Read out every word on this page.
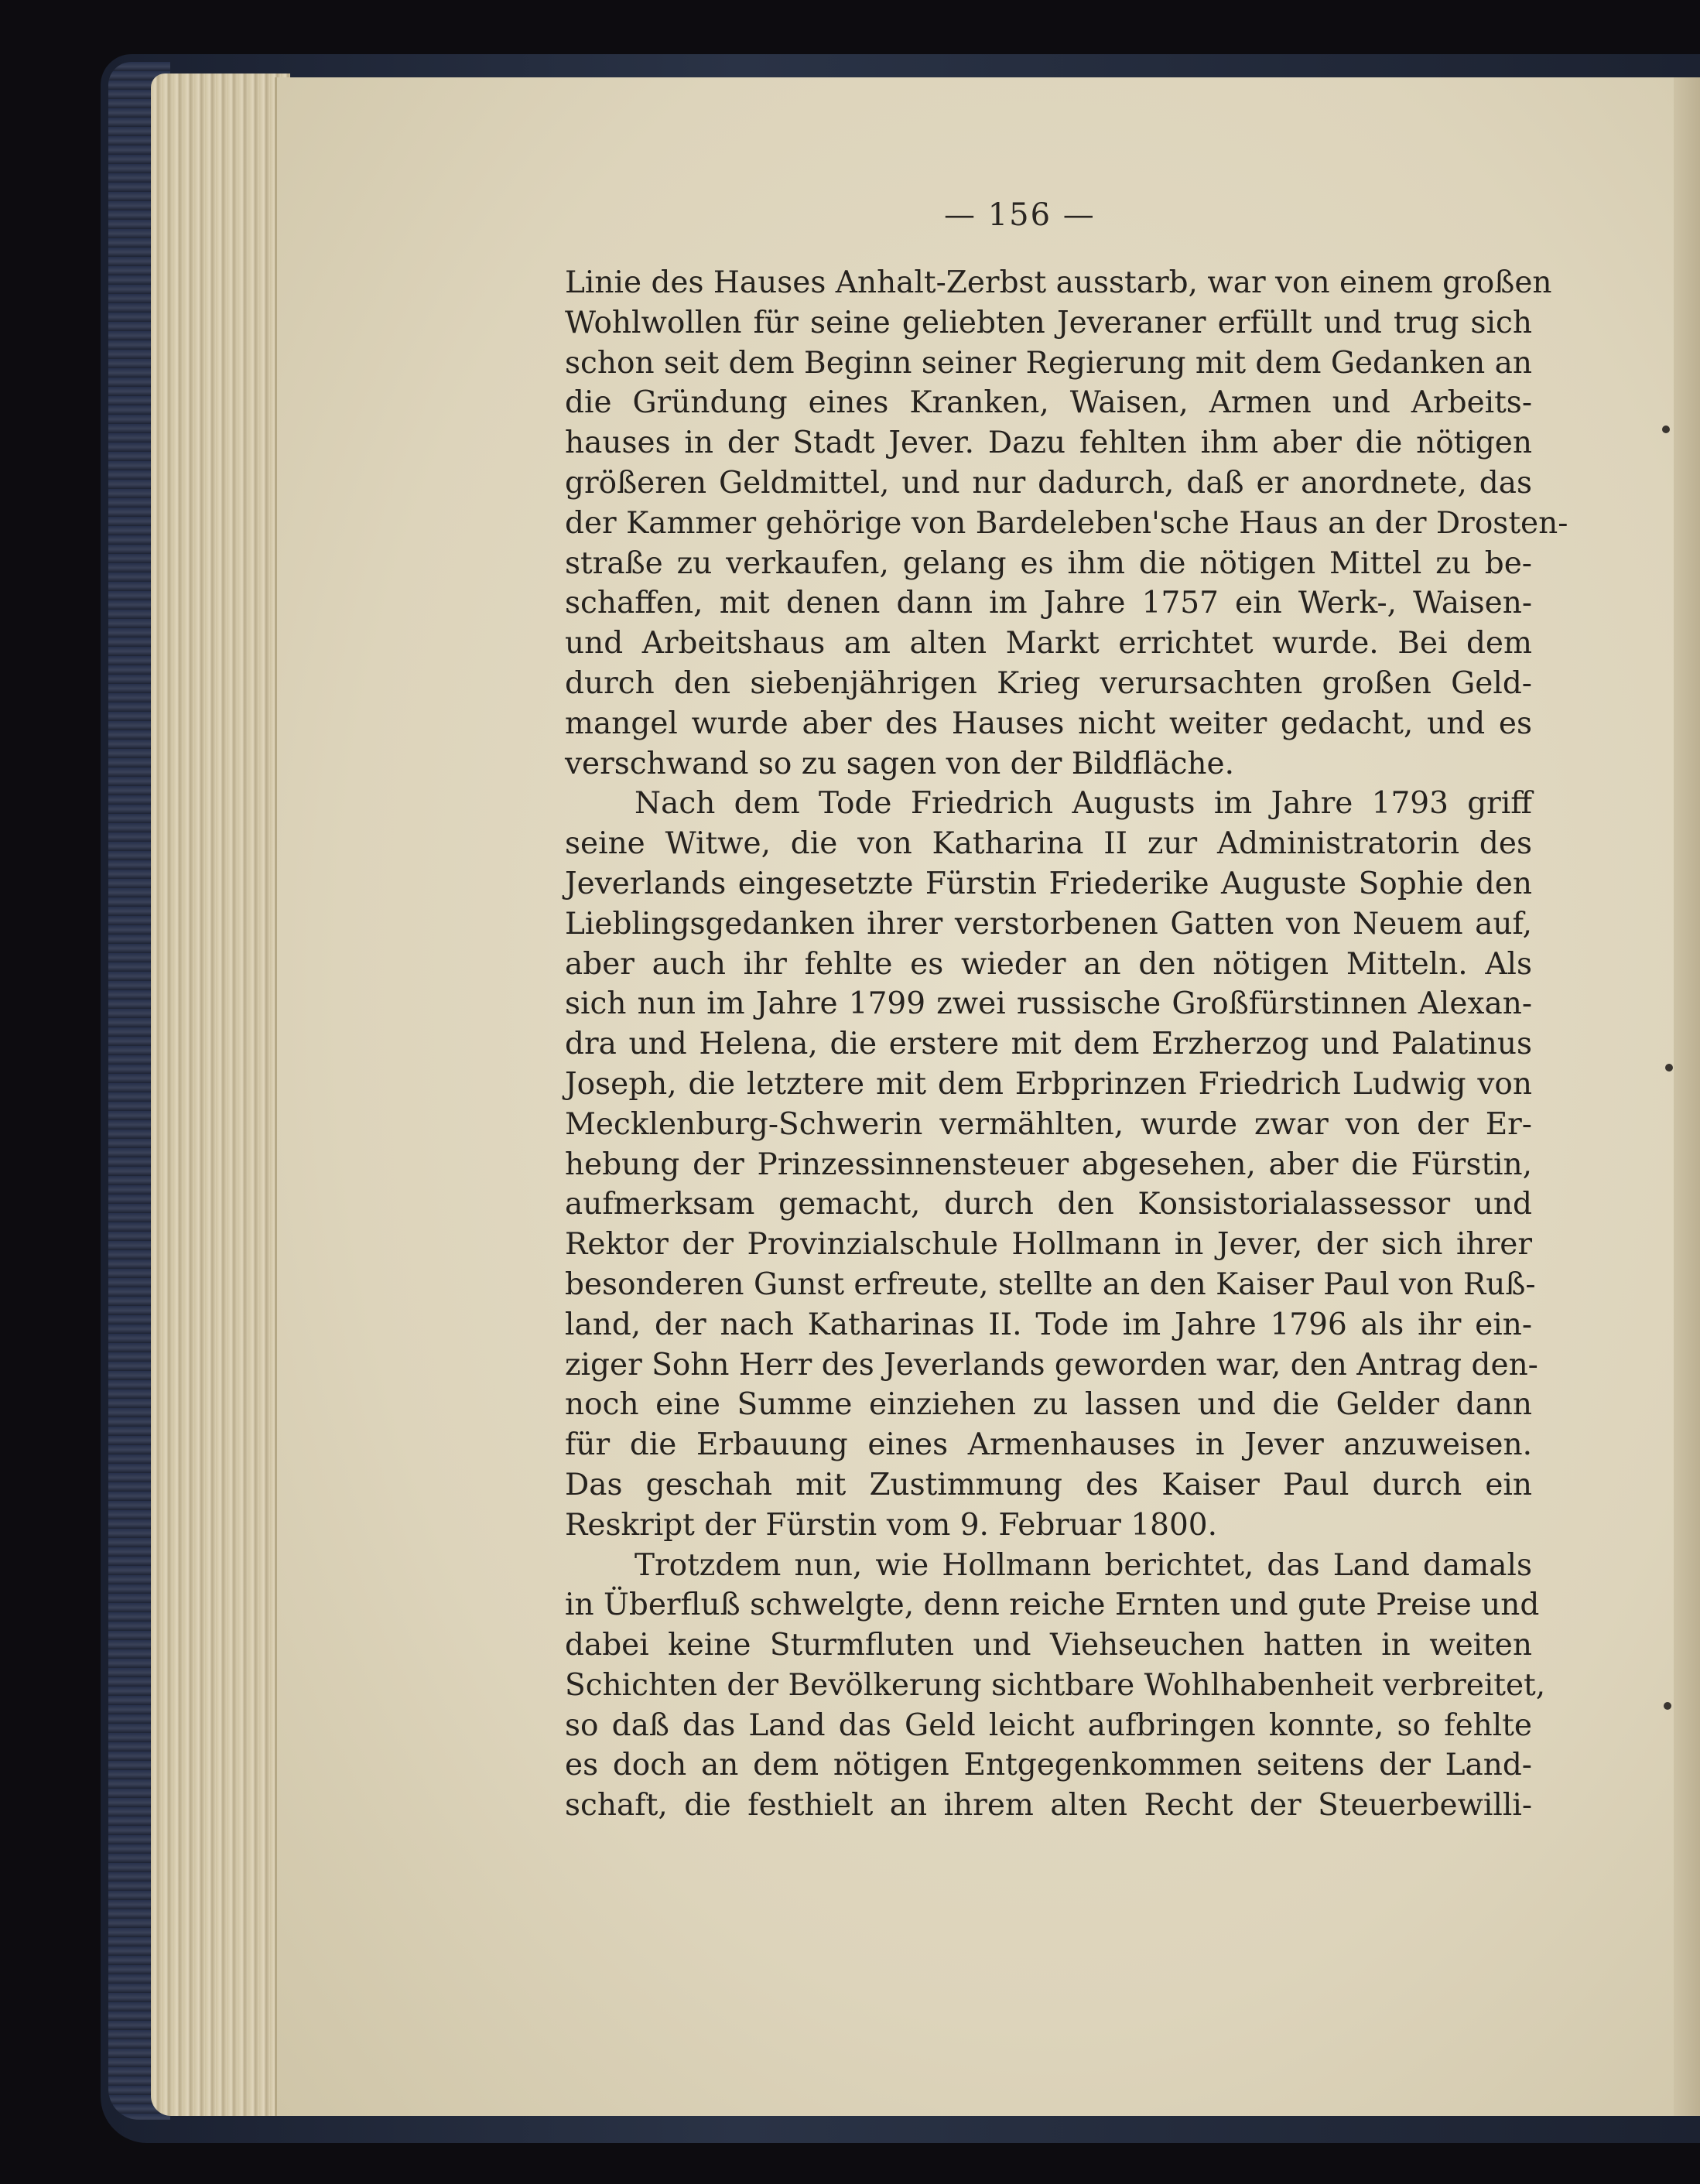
— 156 —
Linie des Hauses Anhalt-Zerbst ausstarb, war von einem großen
Wohlwollen für seine geliebten Jeveraner erfüllt und trug sich
schon seit dem Beginn seiner Regierung mit dem Gedanken an
die Gründung eines Kranken, Waisen, Armen und Arbeits-
hauses in der Stadt Jever. Dazu fehlten ihm aber die nötigen
größeren Geldmittel, und nur dadurch, daß er anordnete, das
der Kammer gehörige von Bardeleben'sche Haus an der Drosten-
straße zu verkaufen, gelang es ihm die nötigen Mittel zu be-
schaffen, mit denen dann im Jahre 1757 ein Werk-, Waisen-
und Arbeitshaus am alten Markt errichtet wurde. Bei dem
durch den siebenjährigen Krieg verursachten großen Geld-
mangel wurde aber des Hauses nicht weiter gedacht, und es
verschwand so zu sagen von der Bildfläche.
Nach dem Tode Friedrich Augusts im Jahre 1793 griff
seine Witwe, die von Katharina II zur Administratorin des
Jeverlands eingesetzte Fürstin Friederike Auguste Sophie den
Lieblingsgedanken ihrer verstorbenen Gatten von Neuem auf,
aber auch ihr fehlte es wieder an den nötigen Mitteln. Als
sich nun im Jahre 1799 zwei russische Großfürstinnen Alexan-
dra und Helena, die erstere mit dem Erzherzog und Palatinus
Joseph, die letztere mit dem Erbprinzen Friedrich Ludwig von
Mecklenburg-Schwerin vermählten, wurde zwar von der Er-
hebung der Prinzessinnensteuer abgesehen, aber die Fürstin,
aufmerksam gemacht, durch den Konsistorialassessor und
Rektor der Provinzialschule Hollmann in Jever, der sich ihrer
besonderen Gunst erfreute, stellte an den Kaiser Paul von Ruß-
land, der nach Katharinas II. Tode im Jahre 1796 als ihr ein-
ziger Sohn Herr des Jeverlands geworden war, den Antrag den-
noch eine Summe einziehen zu lassen und die Gelder dann
für die Erbauung eines Armenhauses in Jever anzuweisen.
Das geschah mit Zustimmung des Kaiser Paul durch ein
Reskript der Fürstin vom 9. Februar 1800.
Trotzdem nun, wie Hollmann berichtet, das Land damals
in Überfluß schwelgte, denn reiche Ernten und gute Preise und
dabei keine Sturmfluten und Viehseuchen hatten in weiten
Schichten der Bevölkerung sichtbare Wohlhabenheit verbreitet,
so daß das Land das Geld leicht aufbringen konnte, so fehlte
es doch an dem nötigen Entgegenkommen seitens der Land-
schaft, die festhielt an ihrem alten Recht der Steuerbewilli-
